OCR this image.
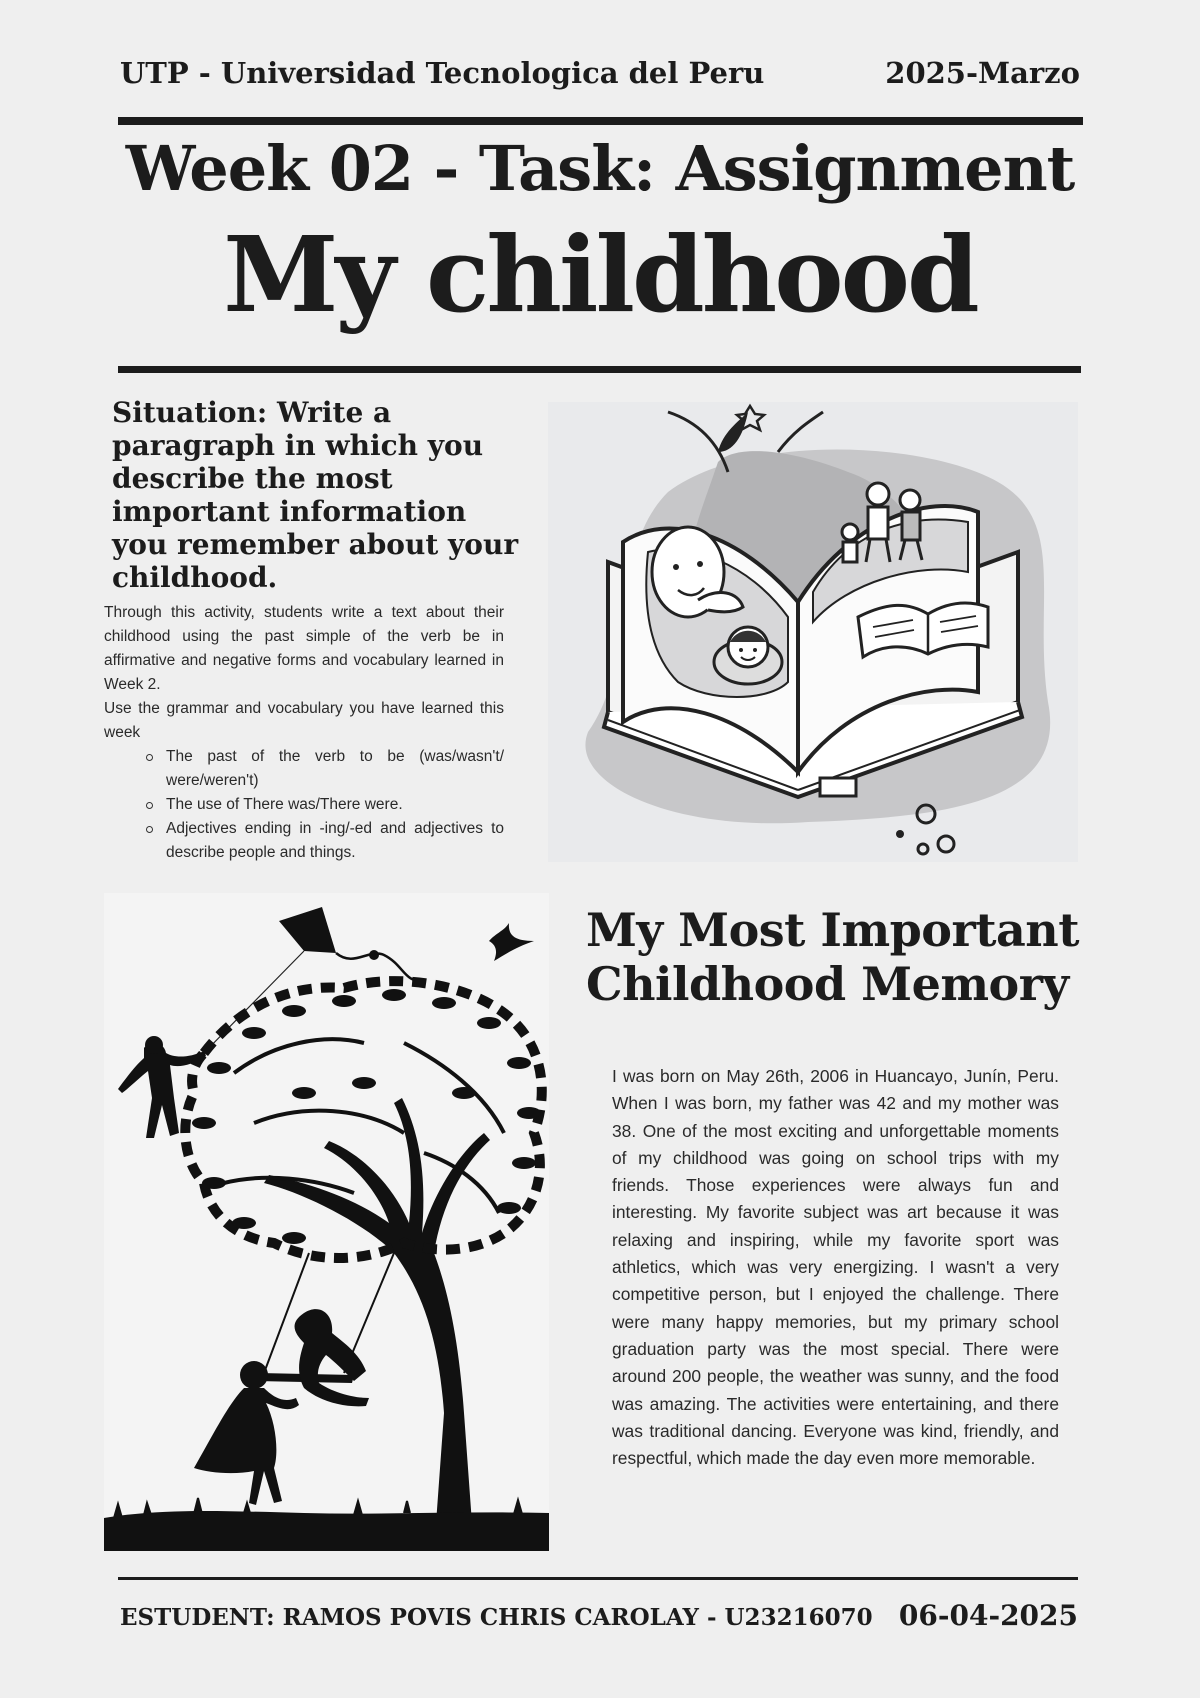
UTP - Universidad Tecnologica del Peru	2025-Marzo
Week 02 - Task: Assignment
My childhood
Situation: Write a paragraph in which you describe the most important information you remember about your childhood.

Through this activity, students write a text about their childhood using the past simple of the verb be in affirmative and negative forms and vocabulary learned in Week 2.

Use the grammar and vocabulary you have learned this week

The past of the verb to be (was/wasn't/ were/weren't)
The use of There was/There were.
Adjectives ending in -ing/-ed and adjectives to describe people and things.
My Most Important Childhood Memory

I was born on May 26th, 2006 in Huancayo, Junín, Peru. When I was born, my father was 42 and my mother was 38. One of the most exciting and unforgettable moments of my childhood was going on school trips with my friends. Those experiences were always fun and interesting. My favorite subject was art because it was relaxing and inspiring, while my favorite sport was athletics, which was very energizing. I wasn't a very competitive person, but I enjoyed the challenge. There were many happy memories, but my primary school graduation party was the most special. There were around 200 people, the weather was sunny, and the food was amazing. The activities were entertaining, and there was traditional dancing. Everyone was kind, friendly, and respectful, which made the day even more memorable.

ESTUDENT: RAMOS POVIS CHRIS CAROLAY - U23216070 06-04-2025
